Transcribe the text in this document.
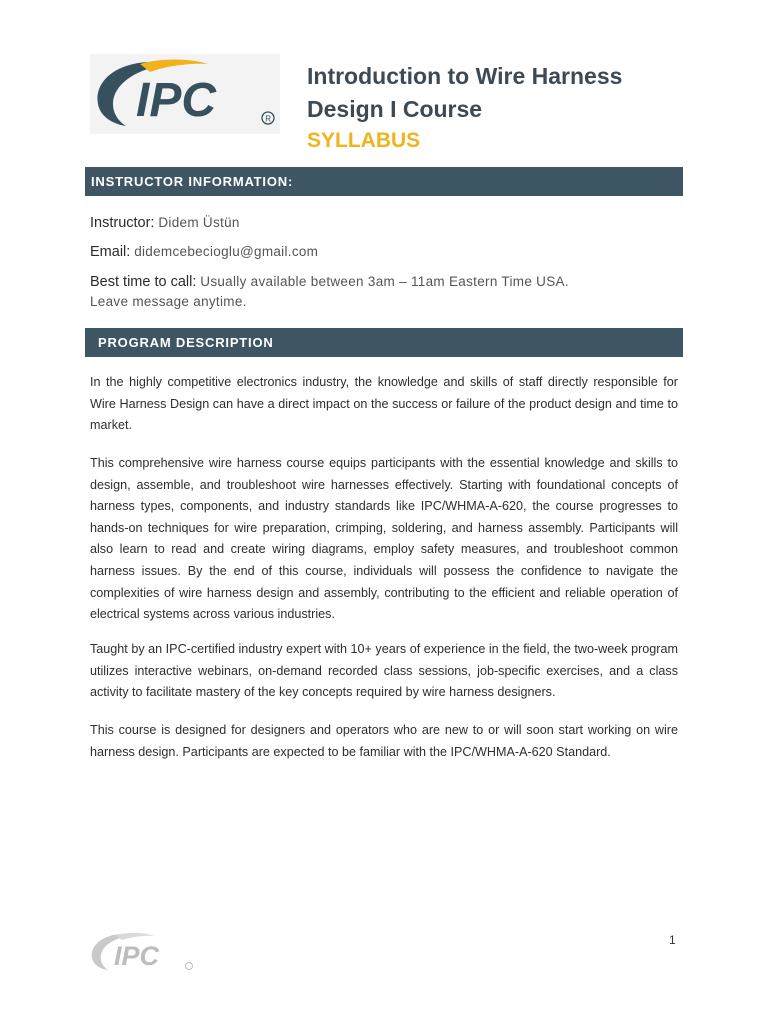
IPC	R

Introduction to Wire Harness

Design I Course

SYLLABUS

INSTRUCTOR INFORMATION:
Instructor: Didem Üstün
Email: didemcebecioglu@gmail.com
Best time to call: Usually available between 3am – 11am Eastern Time USA.
Leave message anytime.
PROGRAM DESCRIPTION

In the highly competitive electronics industry, the knowledge and skills of staff directly responsible for Wire Harness Design can have a direct impact on the success or failure of the product design and time to market.

This comprehensive wire harness course equips participants with the essential knowledge and skills to design, assemble, and troubleshoot wire harnesses effectively. Starting with foundational concepts of harness types, components, and industry standards like IPC/WHMA-A-620, the course progresses to hands-on techniques for wire preparation, crimping, soldering, and harness assembly. Participants will also learn to read and create wiring diagrams, employ safety measures, and troubleshoot common harness issues. By the end of this course, individuals will possess the confidence to navigate the complexities of wire harness design and assembly, contributing to the efficient and reliable operation of electrical systems across various industries.

Taught by an IPC-certified industry expert with 10+ years of experience in the field, the two-week program utilizes interactive webinars, on-demand recorded class sessions, job-specific exercises, and a class activity to facilitate mastery of the key concepts required by wire harness designers.

This course is designed for designers and operators who are new to or will soon start working on wire harness design. Participants are expected to be familiar with the IPC/WHMA-A-620 Standard.

IPC
1
